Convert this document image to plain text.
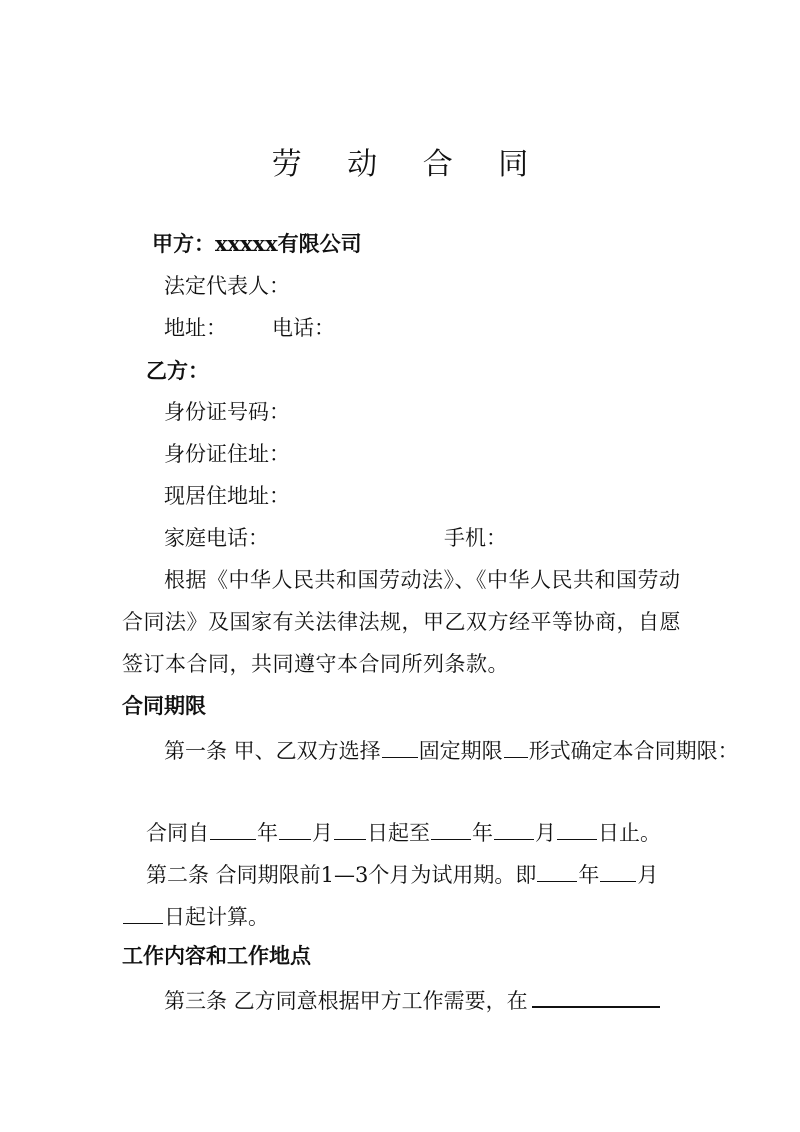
劳 动 合 同
甲方：xxxxx有限公司
法定代表人：
地址： 电话：
乙方：
身份证号码：
身份证住址：
现居住地址：
家庭电话：	手机：
根据《中华人民共和国劳动法》、《中华人民共和国劳动合同法》及国家有关法律法规，甲乙双方经平等协商，自愿签订本合同，共同遵守本合同所列条款。
合同期限
第一条 甲、乙双方选择 固定期限 形式确定本合同期限：
合同自 年 月 日起至 年 月 日止。
第二条 合同期限前1—3个月为试用期。即 年 月
日起计算。
工作内容和工作地点
第三条 乙方同意根据甲方工作需要，在
